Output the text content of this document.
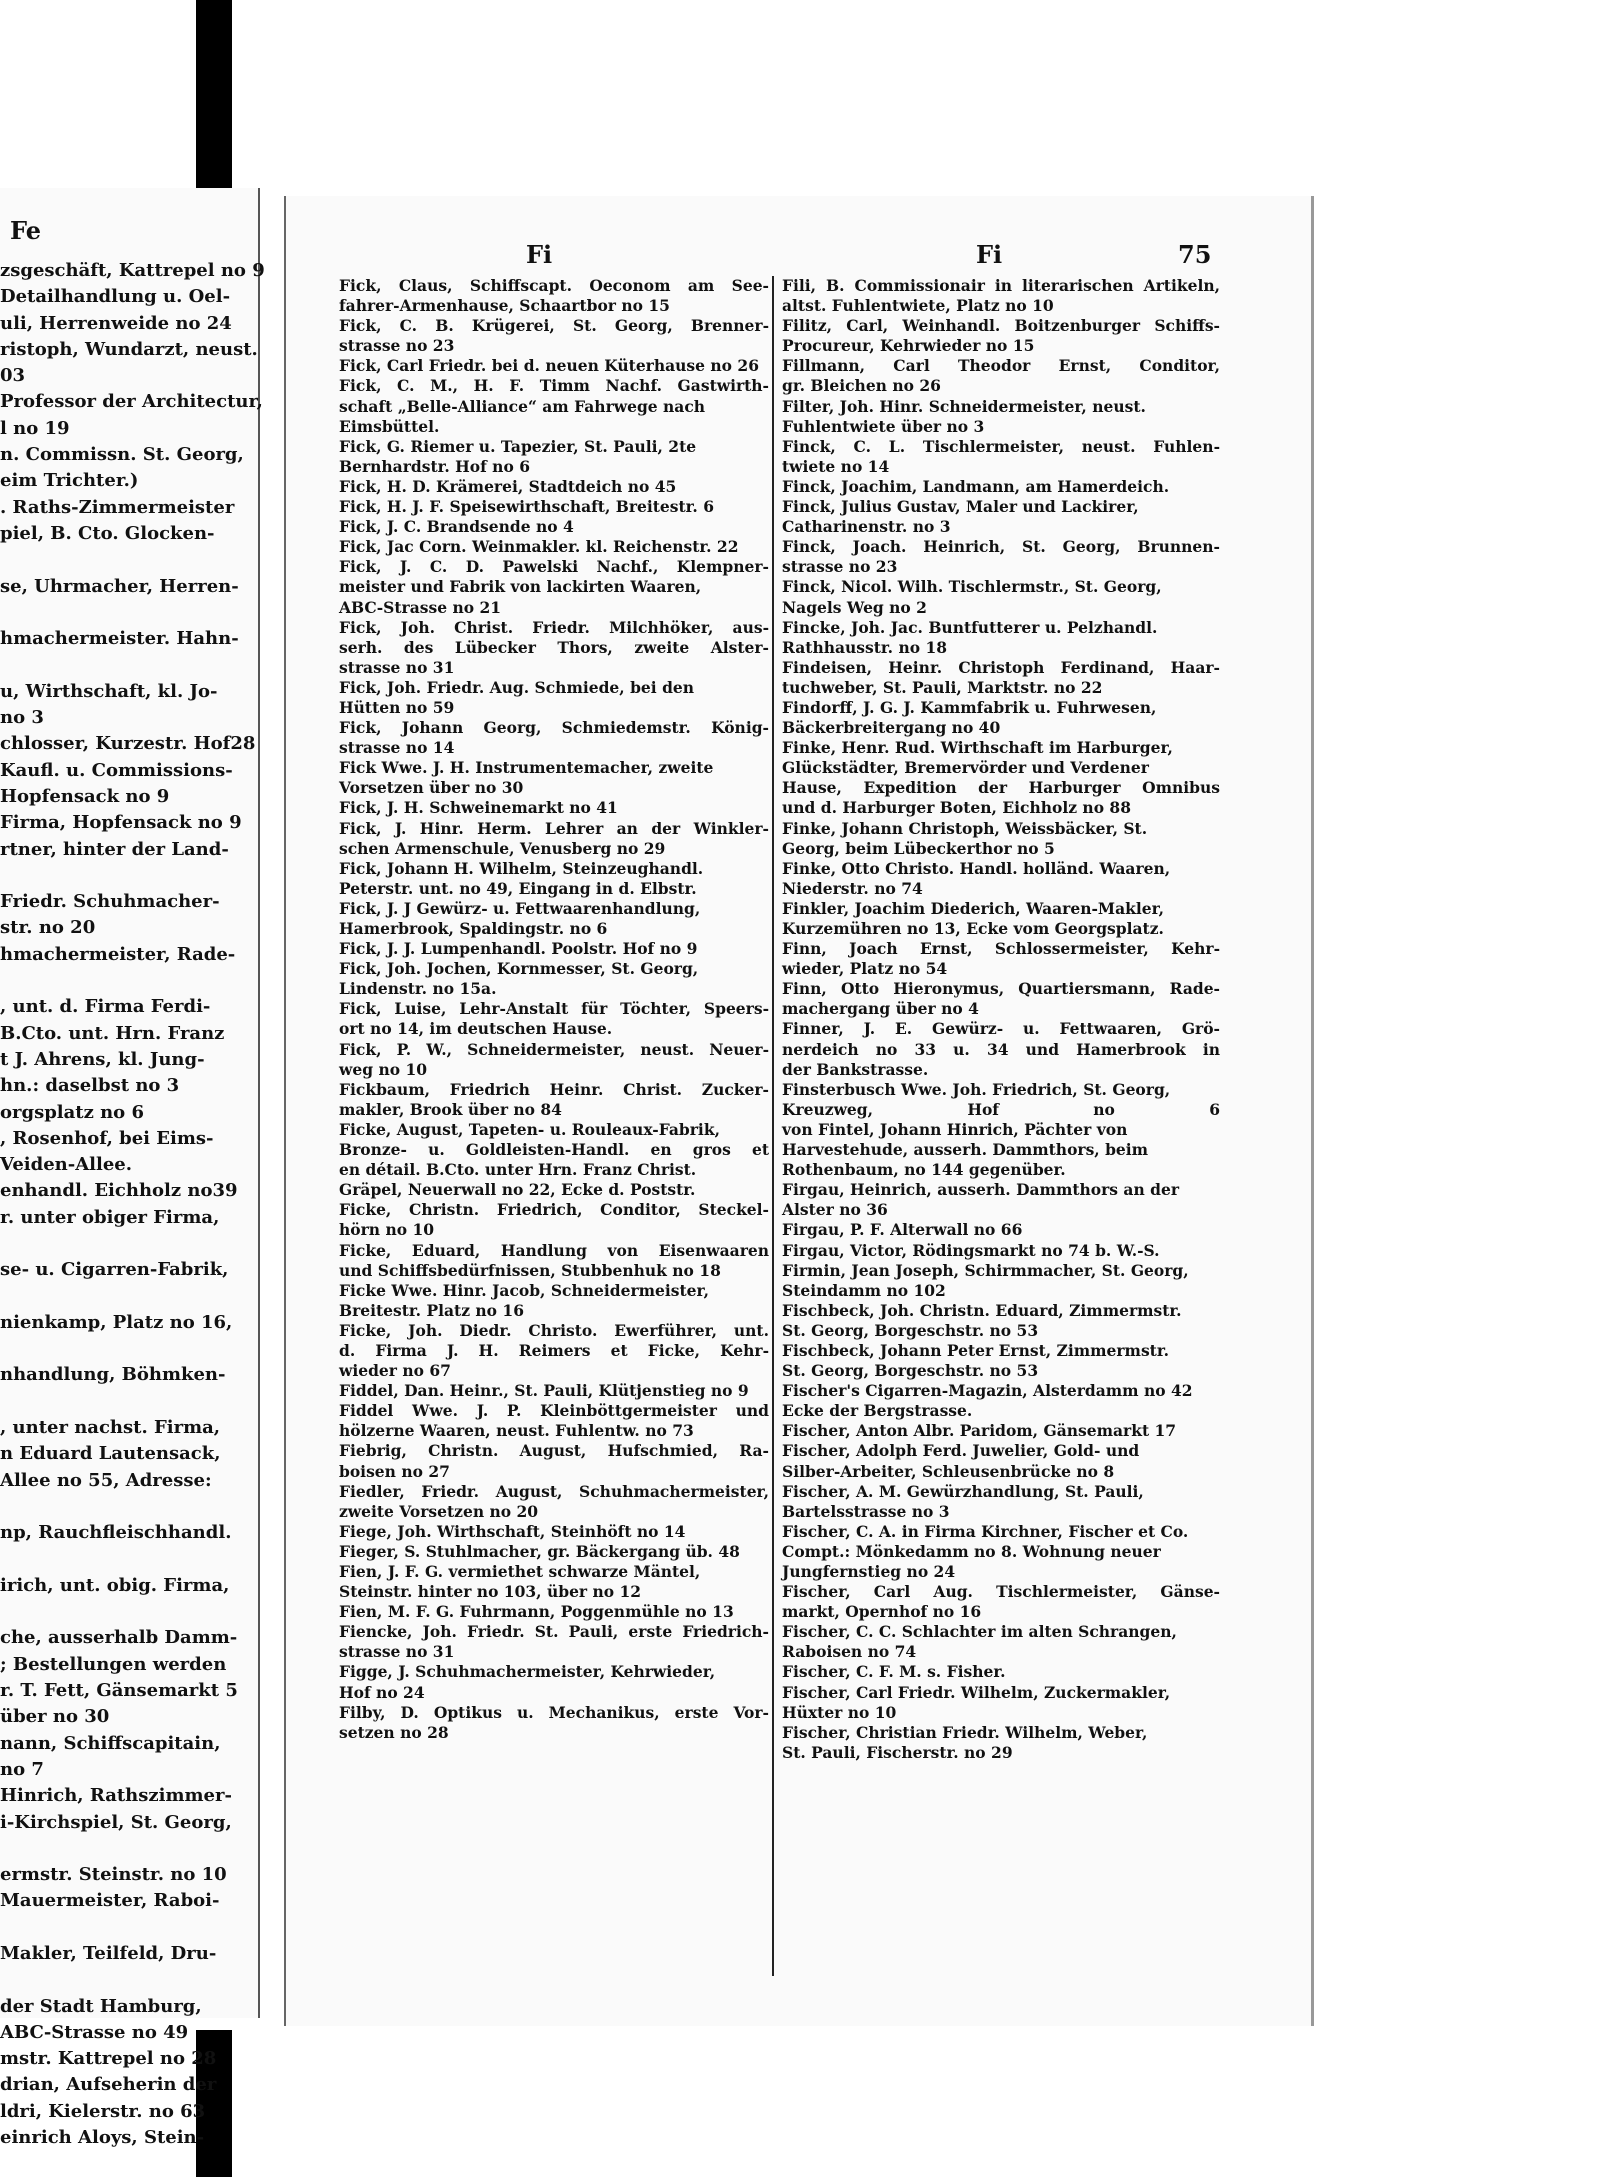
Fe
zsgeschäft, Kattrepel no 9
Detailhandlung u. Oel-
uli, Herrenweide no 24
ristoph, Wundarzt, neust.
03
Professor der Architectur,
l no 19
n. Commissn. St. Georg,
eim Trichter.)
. Raths-Zimmermeister
piel, B. Cto. Glocken-
se, Uhrmacher, Herren-
hmachermeister. Hahn-
u, Wirthschaft, kl. Jo-
no 3
chlosser, Kurzestr. Hof28
Kaufl. u. Commissions-
Hopfensack no 9
Firma, Hopfensack no 9
rtner, hinter der Land-
Friedr. Schuhmacher-
str. no 20
hmachermeister, Rade-
, unt. d. Firma Ferdi-
B.Cto. unt. Hrn. Franz
t J. Ahrens, kl. Jung-
hn.: daselbst no 3
orgsplatz no 6
, Rosenhof, bei Eims-
Veiden-Allee.
enhandl. Eichholz no39
r. unter obiger Firma,
se- u. Cigarren-Fabrik,
nienkamp, Platz no 16,
nhandlung, Böhmken-
, unter nachst. Firma,
n Eduard Lautensack,
Allee no 55, Adresse:
np, Rauchfleischhandl.
irich, unt. obig. Firma,
che, ausserhalb Damm-
; Bestellungen werden
r. T. Fett, Gänsemarkt 5
über no 30
nann, Schiffscapitain,
no 7
Hinrich, Rathszimmer-
i-Kirchspiel, St. Georg,
ermstr. Steinstr. no 10
Mauermeister, Raboi-
Makler, Teilfeld, Dru-
der Stadt Hamburg,
ABC-Strasse no 49
mstr. Kattrepel no 28
drian, Aufseherin der
ldri, Kielerstr. no 63
einrich Aloys, Stein-
Fi	Fi	75
Fick, Claus, Schiffscapt. Oeconom am See-
fahrer-Armenhause, Schaartbor no 15
Fick, C. B. Krügerei, St. Georg, Brenner-
strasse no 23
Fick, Carl Friedr. bei d. neuen Küterhause no 26
Fick, C. M., H. F. Timm Nachf. Gastwirth-
schaft „Belle-Alliance“ am Fahrwege nach
Eimsbüttel.
Fick, G. Riemer u. Tapezier, St. Pauli, 2te
Bernhardstr. Hof no 6
Fick, H. D. Krämerei, Stadtdeich no 45
Fick, H. J. F. Speisewirthschaft, Breitestr. 6
Fick, J. C. Brandsende no 4
Fick, Jac Corn. Weinmakler. kl. Reichenstr. 22
Fick, J. C. D. Pawelski Nachf., Klempner-
meister und Fabrik von lackirten Waaren,
ABC-Strasse no 21
Fick, Joh. Christ. Friedr. Milchhöker, aus-
serh. des Lübecker Thors, zweite Alster-
strasse no 31
Fick, Joh. Friedr. Aug. Schmiede, bei den
Hütten no 59
Fick, Johann Georg, Schmiedemstr. König-
strasse no 14
Fick Wwe. J. H. Instrumentemacher, zweite
Vorsetzen über no 30
Fick, J. H. Schweinemarkt no 41
Fick, J. Hinr. Herm. Lehrer an der Winkler-
schen Armenschule, Venusberg no 29
Fick, Johann H. Wilhelm, Steinzeughandl.
Peterstr. unt. no 49, Eingang in d. Elbstr.
Fick, J. J Gewürz- u. Fettwaarenhandlung,
Hamerbrook, Spaldingstr. no 6
Fick, J. J. Lumpenhandl. Poolstr. Hof no 9
Fick, Joh. Jochen, Kornmesser, St. Georg,
Lindenstr. no 15a.
Fick, Luise, Lehr-Anstalt für Töchter, Speers-
ort no 14, im deutschen Hause.
Fick, P. W., Schneidermeister, neust. Neuer-
weg no 10
Fickbaum, Friedrich Heinr. Christ. Zucker-
makler, Brook über no 84
Ficke, August, Tapeten- u. Rouleaux-Fabrik,
Bronze- u. Goldleisten-Handl. en gros et
en détail. B.Cto. unter Hrn. Franz Christ.
Gräpel, Neuerwall no 22, Ecke d. Poststr.
Ficke, Christn. Friedrich, Conditor, Steckel-
hörn no 10
Ficke, Eduard, Handlung von Eisenwaaren
und Schiffsbedürfnissen, Stubbenhuk no 18
Ficke Wwe. Hinr. Jacob, Schneidermeister,
Breitestr. Platz no 16
Ficke, Joh. Diedr. Christo. Ewerführer, unt.
d. Firma J. H. Reimers et Ficke, Kehr-
wieder no 67
Fiddel, Dan. Heinr., St. Pauli, Klütjenstieg no 9
Fiddel Wwe. J. P. Kleinböttgermeister und
hölzerne Waaren, neust. Fuhlentw. no 73
Fiebrig, Christn. August, Hufschmied, Ra-
boisen no 27
Fiedler, Friedr. August, Schuhmachermeister,
zweite Vorsetzen no 20
Fiege, Joh. Wirthschaft, Steinhöft no 14
Fieger, S. Stuhlmacher, gr. Bäckergang üb. 48
Fien, J. F. G. vermiethet schwarze Mäntel,
Steinstr. hinter no 103, über no 12
Fien, M. F. G. Fuhrmann, Poggenmühle no 13
Fiencke, Joh. Friedr. St. Pauli, erste Friedrich-
strasse no 31
Figge, J. Schuhmachermeister, Kehrwieder,
Hof no 24
Filby, D. Optikus u. Mechanikus, erste Vor-
setzen no 28
Fili, B. Commissionair in literarischen Artikeln,
altst. Fuhlentwiete, Platz no 10
Filitz, Carl, Weinhandl. Boitzenburger Schiffs-
Procureur, Kehrwieder no 15
Fillmann, Carl Theodor Ernst, Conditor,
gr. Bleichen no 26
Filter, Joh. Hinr. Schneidermeister, neust.
Fuhlentwiete über no 3
Finck, C. L. Tischlermeister, neust. Fuhlen-
twiete no 14
Finck, Joachim, Landmann, am Hamerdeich.
Finck, Julius Gustav, Maler und Lackirer,
Catharinenstr. no 3
Finck, Joach. Heinrich, St. Georg, Brunnen-
strasse no 23
Finck, Nicol. Wilh. Tischlermstr., St. Georg,
Nagels Weg no 2
Fincke, Joh. Jac. Buntfutterer u. Pelzhandl.
Rathhausstr. no 18
Findeisen, Heinr. Christoph Ferdinand, Haar-
tuchweber, St. Pauli, Marktstr. no 22
Findorff, J. G. J. Kammfabrik u. Fuhrwesen,
Bäckerbreitergang no 40
Finke, Henr. Rud. Wirthschaft im Harburger,
Glückstädter, Bremervörder und Verdener
Hause, Expedition der Harburger Omnibus
und d. Harburger Boten, Eichholz no 88
Finke, Johann Christoph, Weissbäcker, St.
Georg, beim Lübeckerthor no 5
Finke, Otto Christo. Handl. holländ. Waaren,
Niederstr. no 74
Finkler, Joachim Diederich, Waaren-Makler,
Kurzemühren no 13, Ecke vom Georgsplatz.
Finn, Joach Ernst, Schlossermeister, Kehr-
wieder, Platz no 54
Finn, Otto Hieronymus, Quartiersmann, Rade-
machergang über no 4
Finner, J. E. Gewürz- u. Fettwaaren, Grö-
nerdeich no 33 u. 34 und Hamerbrook in
der Bankstrasse.
Finsterbusch Wwe. Joh. Friedrich, St. Georg,
Kreuzweg, Hof no 6
von Fintel, Johann Hinrich, Pächter von
Harvestehude, ausserh. Dammthors, beim
Rothenbaum, no 144 gegenüber.
Firgau, Heinrich, ausserh. Dammthors an der
Alster no 36
Firgau, P. F. Alterwall no 66
Firgau, Victor, Rödingsmarkt no 74 b. W.-S.
Firmin, Jean Joseph, Schirmmacher, St. Georg,
Steindamm no 102
Fischbeck, Joh. Christn. Eduard, Zimmermstr.
St. Georg, Borgeschstr. no 53
Fischbeck, Johann Peter Ernst, Zimmermstr.
St. Georg, Borgeschstr. no 53
Fischer's Cigarren-Magazin, Alsterdamm no 42
Ecke der Bergstrasse.
Fischer, Anton Albr. Paridom, Gänsemarkt 17
Fischer, Adolph Ferd. Juwelier, Gold- und
Silber-Arbeiter, Schleusenbrücke no 8
Fischer, A. M. Gewürzhandlung, St. Pauli,
Bartelsstrasse no 3
Fischer, C. A. in Firma Kirchner, Fischer et Co.
Compt.: Mönkedamm no 8. Wohnung neuer
Jungfernstieg no 24
Fischer, Carl Aug. Tischlermeister, Gänse-
markt, Opernhof no 16
Fischer, C. C. Schlachter im alten Schrangen,
Raboisen no 74
Fischer, C. F. M. s. Fisher.
Fischer, Carl Friedr. Wilhelm, Zuckermakler,
Hüxter no 10
Fischer, Christian Friedr. Wilhelm, Weber,
St. Pauli, Fischerstr. no 29
